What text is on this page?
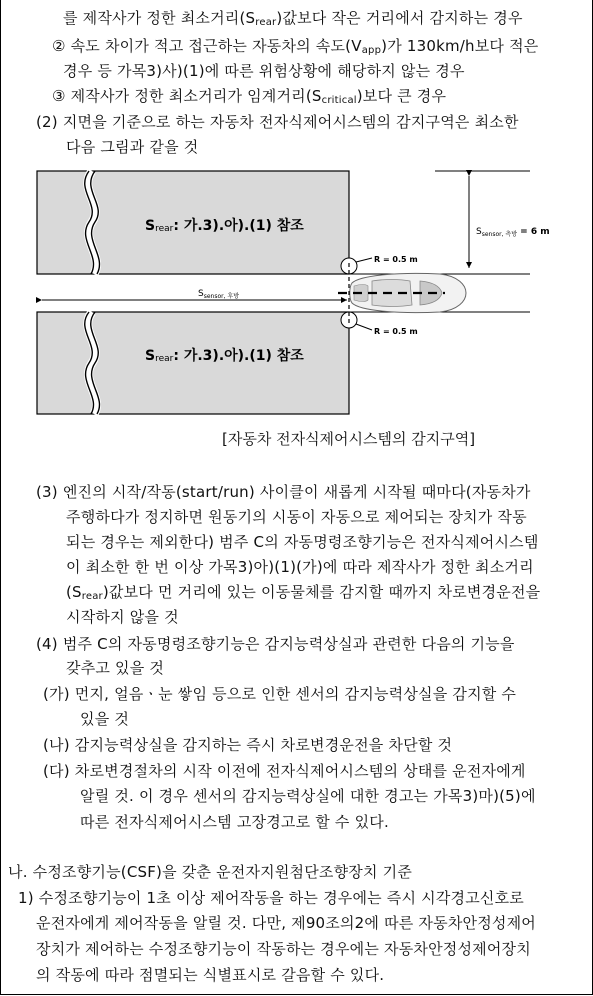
를 제작사가 정한 최소거리$(S_{rear})$값보다 작은 거리에서 감지하는 경우
② 속도 차이가 적고 접근하는 자동차의 속도$(V_{app})$가 130km/h보다 적은
경우 등 가목3)사)(1)에 따른 위험상황에 해당하지 않는 경우
③ 제작사가 정한 최소거리가 임계거리$(S_{critical})$보다 큰 경우
(2) 지면을 기준으로 하는 자동차 전자식제어시스템의 감지구역은 최소한
다음 그림과 같을 것
Srear: 가.3).아).(1) 참조
Srear: 가.3).아).(1) 참조
$S_{sensor, 측방} = 6$ m
$S_{sensor, 후방}$
R = 0.5 m
R = 0.5 m
[자동차 전자식제어시스템의 감지구역]
(3) 엔진의 시작/작동(start/run) 사이클이 새롭게 시작될 때마다(자동차가
주행하다가 정지하면 원동기의 시동이 자동으로 제어되는 장치가 작동
되는 경우는 제외한다) 범주 C의 자동명령조향기능은 전자식제어시스템
이 최소한 한 번 이상 가목3)아)(1)(가)에 따라 제작사가 정한 최소거리
$(S_{rear})$값보다 먼 거리에 있는 이동물체를 감지할 때까지 차로변경운전을
시작하지 않을 것
(4) 범주 C의 자동명령조향기능은 감지능력상실과 관련한 다음의 기능을
갖추고 있을 것
(가) 먼지, 얼음ㆍ눈 쌓임 등으로 인한 센서의 감지능력상실을 감지할 수
있을 것
(나) 감지능력상실을 감지하는 즉시 차로변경운전을 차단할 것
(다) 차로변경절차의 시작 이전에 전자식제어시스템의 상태를 운전자에게
알릴 것. 이 경우 센서의 감지능력상실에 대한 경고는 가목3)마)(5)에
따른 전자식제어시스템 고장경고로 할 수 있다.
나. 수정조향기능(CSF)을 갖춘 운전자지원첨단조향장치 기준
1) 수정조향기능이 1초 이상 제어작동을 하는 경우에는 즉시 시각경고신호로
운전자에게 제어작동을 알릴 것. 다만, 제90조의2에 따른 자동차안정성제어
장치가 제어하는 수정조향기능이 작동하는 경우에는 자동차안정성제어장치
의 작동에 따라 점멸되는 식별표시로 갈음할 수 있다.
